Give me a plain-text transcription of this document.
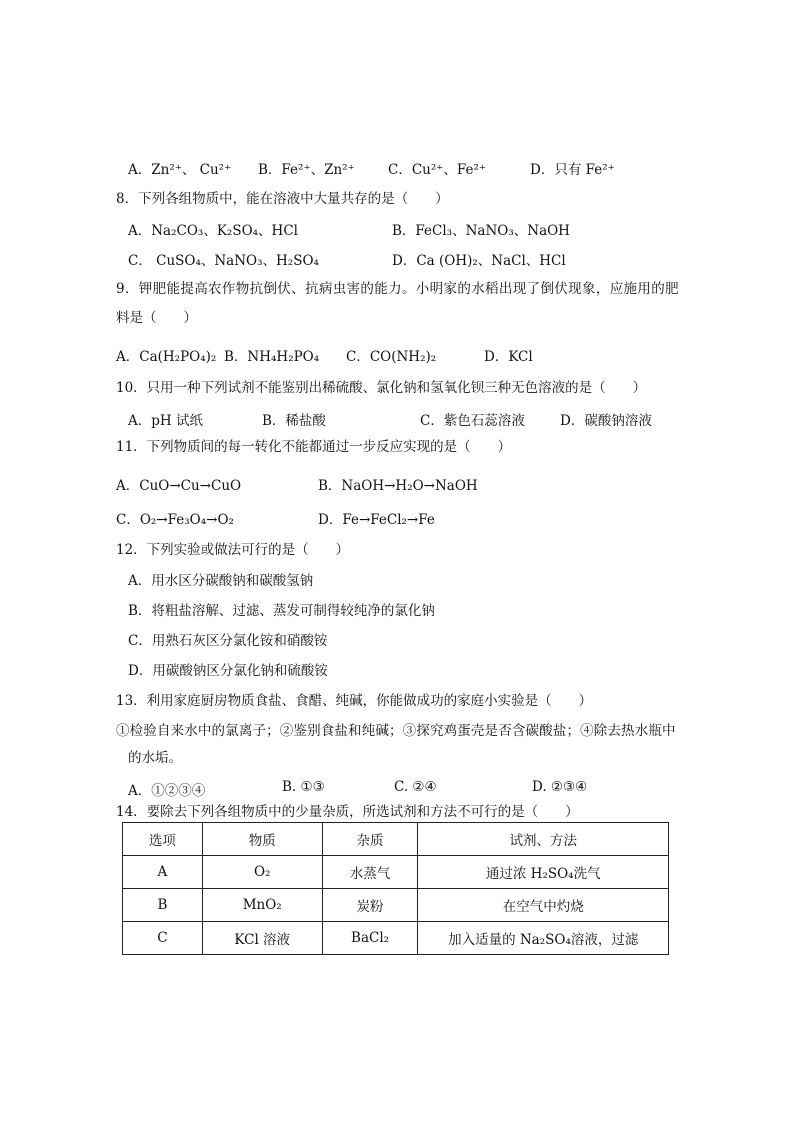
A．Zn²⁺、 Cu²⁺ B．Fe²⁺、Zn²⁺ C．Cu²⁺、Fe²⁺	D．只有 Fe²⁺
8．下列各组物质中，能在溶液中大量共存的是（　　）
A．Na₂CO₃、K₂SO₄、HCl	B．FeCl₃、NaNO₃、NaOH
C． CuSO₄、NaNO₃、H₂SO₄	D．Ca (OH)₂、NaCl、HCl
9．钾肥能提高农作物抗倒伏、抗病虫害的能力。小明家的水稻出现了倒伏现象，应施用的肥
料是（　　）
A．Ca(H₂PO₄)₂ B．NH₄H₂PO₄ C．CO(NH₂)₂	D．KCl
10．只用一种下列试剂不能鉴别出稀硫酸、氯化钠和氢氧化钡三种无色溶液的是（　　）
A．pH 试纸	B．稀盐酸	C．紫色石蕊溶液	D．碳酸钠溶液
11．下列物质间的每一转化不能都通过一步反应实现的是（　　）
A．CuO→Cu→CuO	B．NaOH→H₂O→NaOH
C．O₂→Fe₃O₄→O₂	D．Fe→FeCl₂→Fe
12．下列实验或做法可行的是（　　）
A．用水区分碳酸钠和碳酸氢钠
B．将粗盐溶解、过滤、蒸发可制得较纯净的氯化钠
C．用熟石灰区分氯化铵和硝酸铵
D．用碳酸钠区分氯化钠和硫酸铵
13．利用家庭厨房物质食盐、食醋、纯碱，你能做成功的家庭小实验是（　　）
①检验自来水中的氯离子；②鉴别食盐和纯碱；③探究鸡蛋壳是否含碳酸盐；④除去热水瓶中
的水垢。
A．①②③④	B. ①③	C. ②④	D. ②③④
14．要除去下列各组物质中的少量杂质，所选试剂和方法不可行的是（　　）
选项	物质	杂质	试剂、方法
A	O₂	水蒸气	通过浓 H₂SO₄洗气
B	MnO₂	炭粉	在空气中灼烧
C	KCl 溶液	BaCl₂	加入适量的 Na₂SO₄溶液，过滤
